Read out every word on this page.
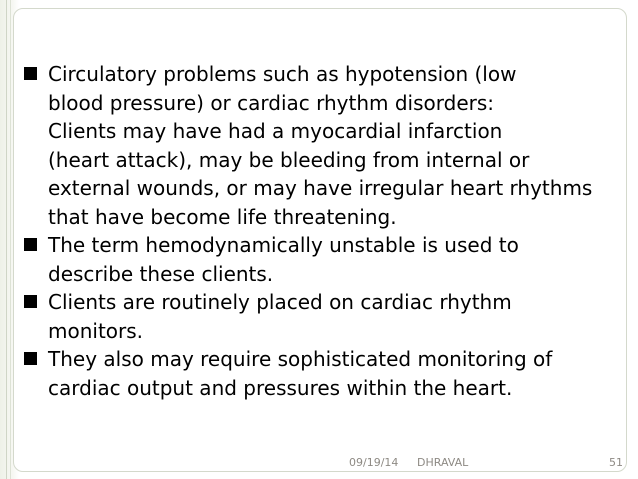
Circulatory problems such as hypotension (low
blood pressure) or cardiac rhythm disorders:
Clients may have had a myocardial infarction
(heart attack), may be bleeding from internal or
external wounds, or may have irregular heart rhythms
that have become life threatening.
The term hemodynamically unstable is used to
describe these clients.
Clients are routinely placed on cardiac rhythm
monitors.
They also may require sophisticated monitoring of
cardiac output and pressures within the heart.
09/19/14 DHRAVAL	51
